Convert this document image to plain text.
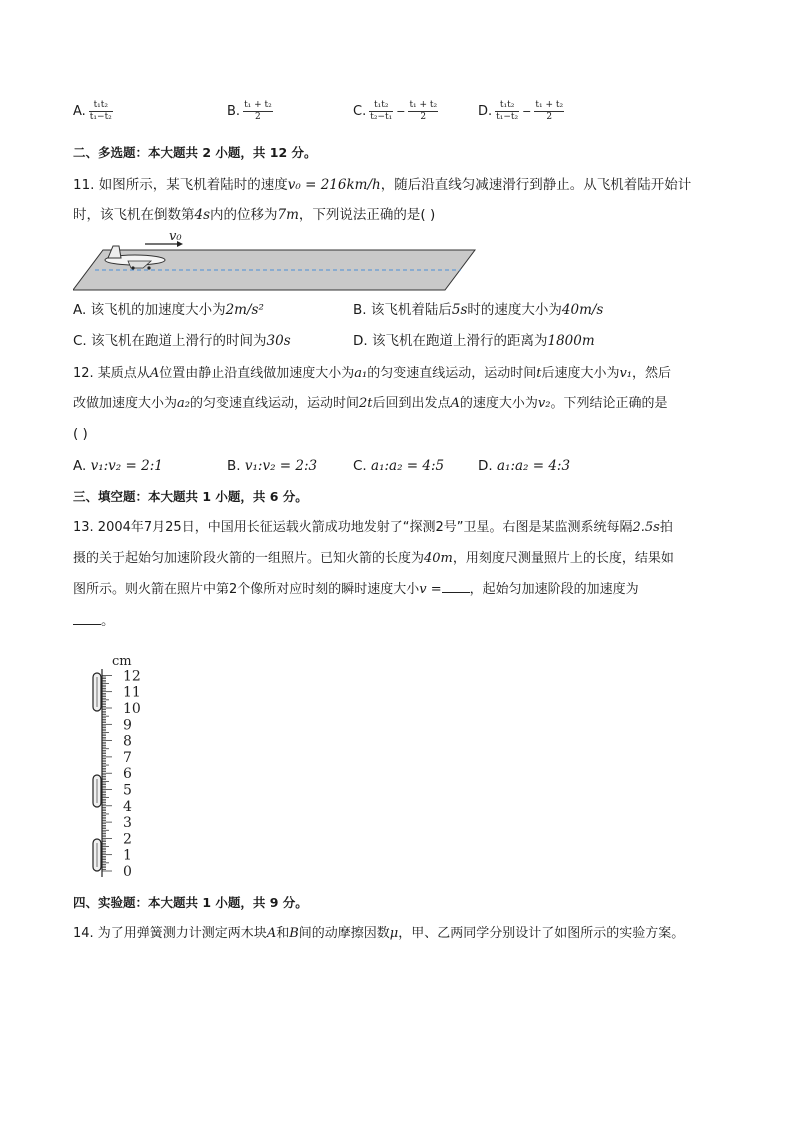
A. $\frac{\text{t₁t₂}}{\text{t₁−t₂}}$	B. $\frac{\text{t₁ + t₂}}{2}$	C. $\frac{\text{t₁t₂}}{\text{t₂−t₁}} - \frac{\text{t₁ + t₂}}{2}$	D. $\frac{\text{t₁t₂}}{\text{t₁−t₂}} - \frac{\text{t₁ + t₂}}{2}$
二、多选题：本大题共 2 小题，共 12 分。
11. 如图所示，某飞机着陆时的速度v₀ = 216km/h，随后沿直线匀减速滑行到静止。从飞机着陆开始计
时，该飞机在倒数第4s内的位移为7m，下列说法正确的是( )
v₀
A. 该飞机的加速度大小为2m/s²	B. 该飞机着陆后5s时的速度大小为40m/s
C. 该飞机在跑道上滑行的时间为30s	D. 该飞机在跑道上滑行的距离为1800m
12. 某质点从A位置由静止沿直线做加速度大小为a₁的匀变速直线运动，运动时间t后速度大小为v₁，然后
改做加速度大小为a₂的匀变速直线运动，运动时间2t后回到出发点A的速度大小为v₂。下列结论正确的是
( )
A. v₁:v₂ = 2:1	B. v₁:v₂ = 2:3	C. a₁:a₂ = 4:5	D. a₁:a₂ = 4:3
三、填空题：本大题共 1 小题，共 6 分。
13. 2004年7月25日，中国用长征运载火箭成功地发射了“探测2号”卫星。右图是某监测系统每隔2.5s拍
摄的关于起始匀加速阶段火箭的一组照片。已知火箭的长度为40m，用刻度尺测量照片上的长度，结果如
图所示。则火箭在照片中第2个像所对应时刻的瞬时速度大小v = ，起始匀加速阶段的加速度为
。
cm
0
1
2
3
4
5
6
7
8
9
10
11
12
四、实验题：本大题共 1 小题，共 9 分。
14. 为了用弹簧测力计测定两木块A和B间的动摩擦因数μ，甲、乙两同学分别设计了如图所示的实验方案。
